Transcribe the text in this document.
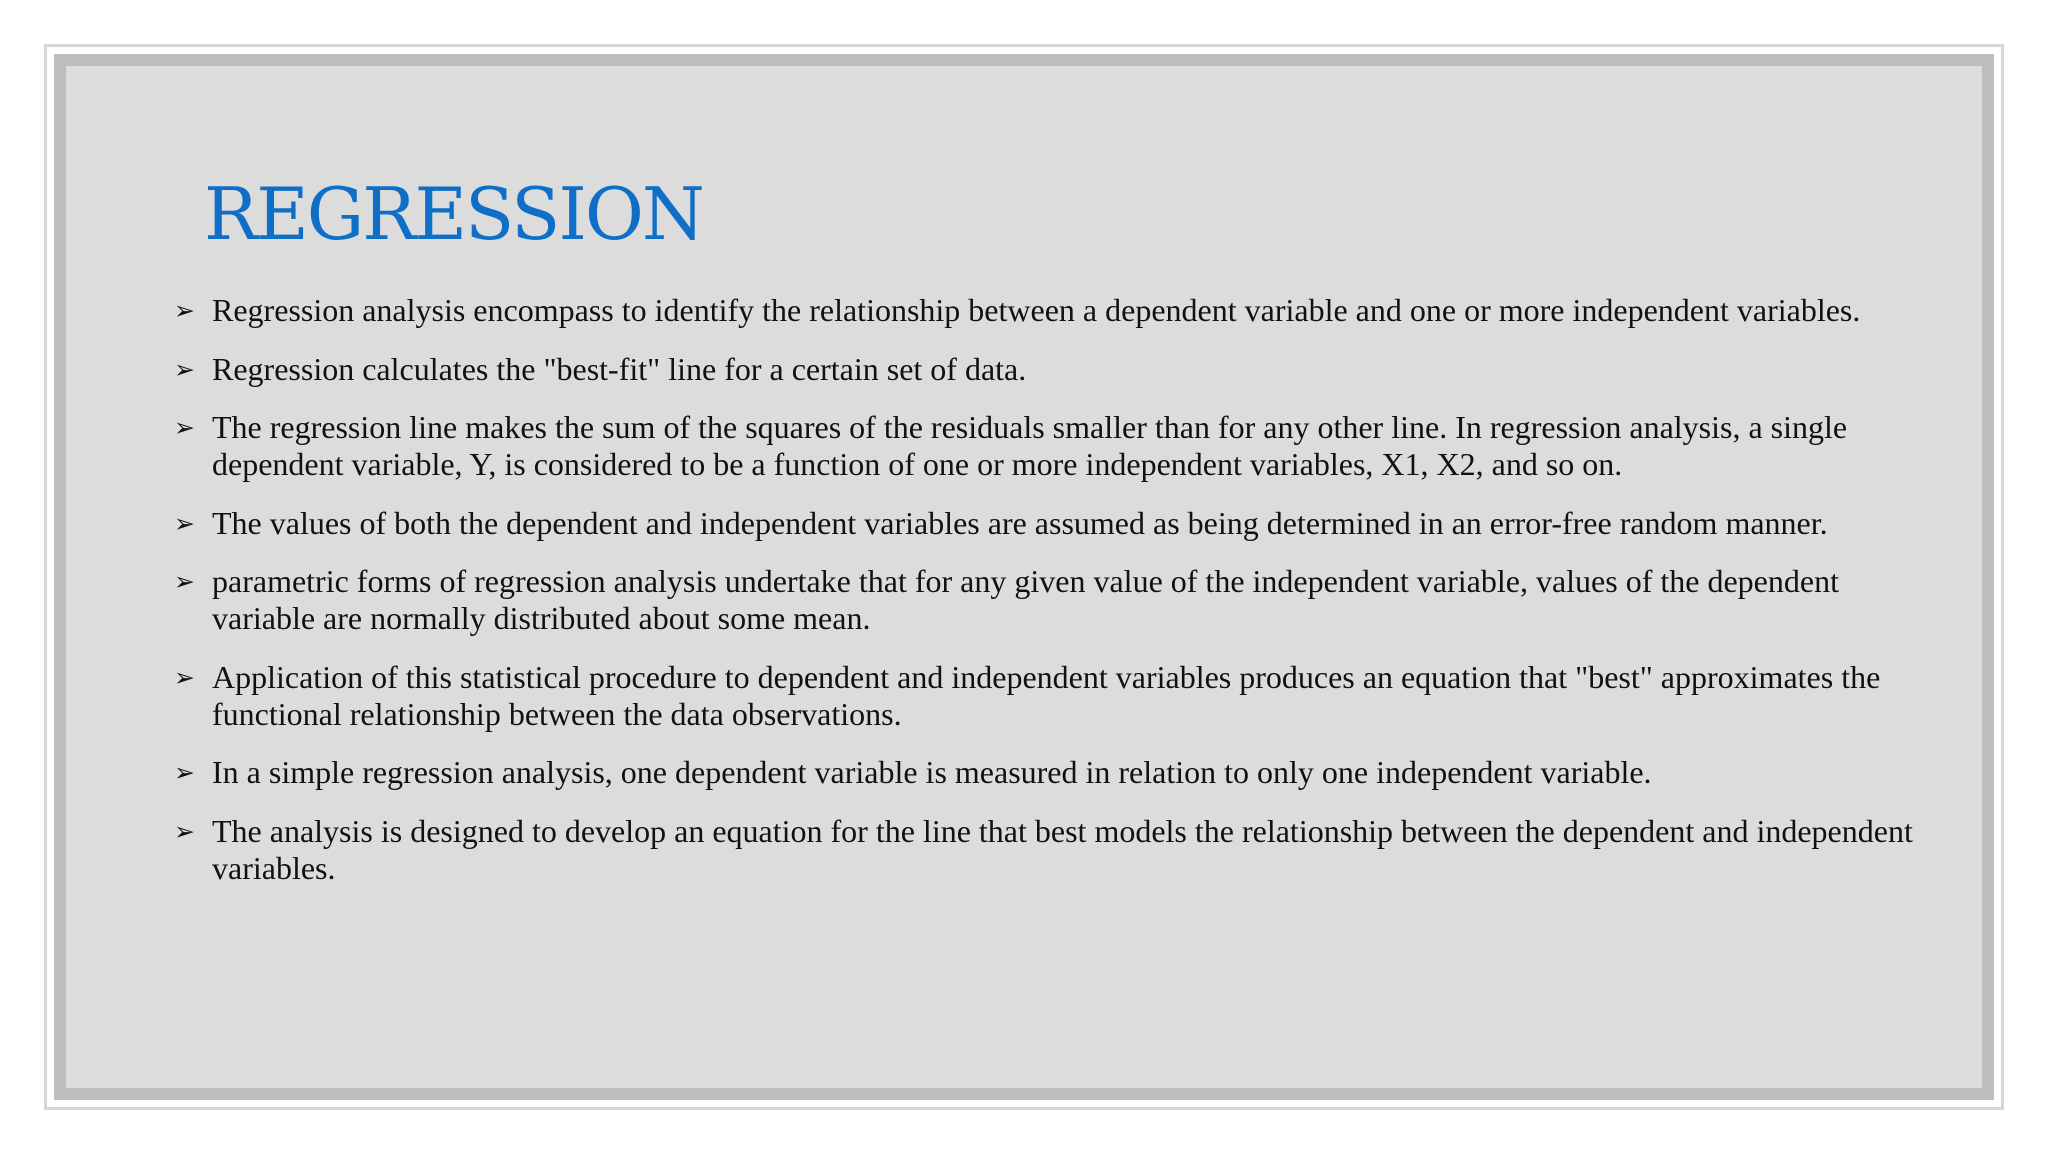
REGRESSION
➢ Regression analysis encompass to identify the relationship between a dependent variable and one or more independent variables.
➢ Regression calculates the "best-fit" line for a certain set of data.
➢ The regression line makes the sum of the squares of the residuals smaller than for any other line. In regression analysis, a single dependent variable, Y, is considered to be a function of one or more independent variables, X1, X2, and so on.
➢ The values of both the dependent and independent variables are assumed as being determined in an error-free random manner.
➢ parametric forms of regression analysis undertake that for any given value of the independent variable, values of the dependent variable are normally distributed about some mean.
➢ Application of this statistical procedure to dependent and independent variables produces an equation that "best" approximates the functional relationship between the data observations.
➢ In a simple regression analysis, one dependent variable is measured in relation to only one independent variable.
➢ The analysis is designed to develop an equation for the line that best models the relationship between the dependent and independent variables.
